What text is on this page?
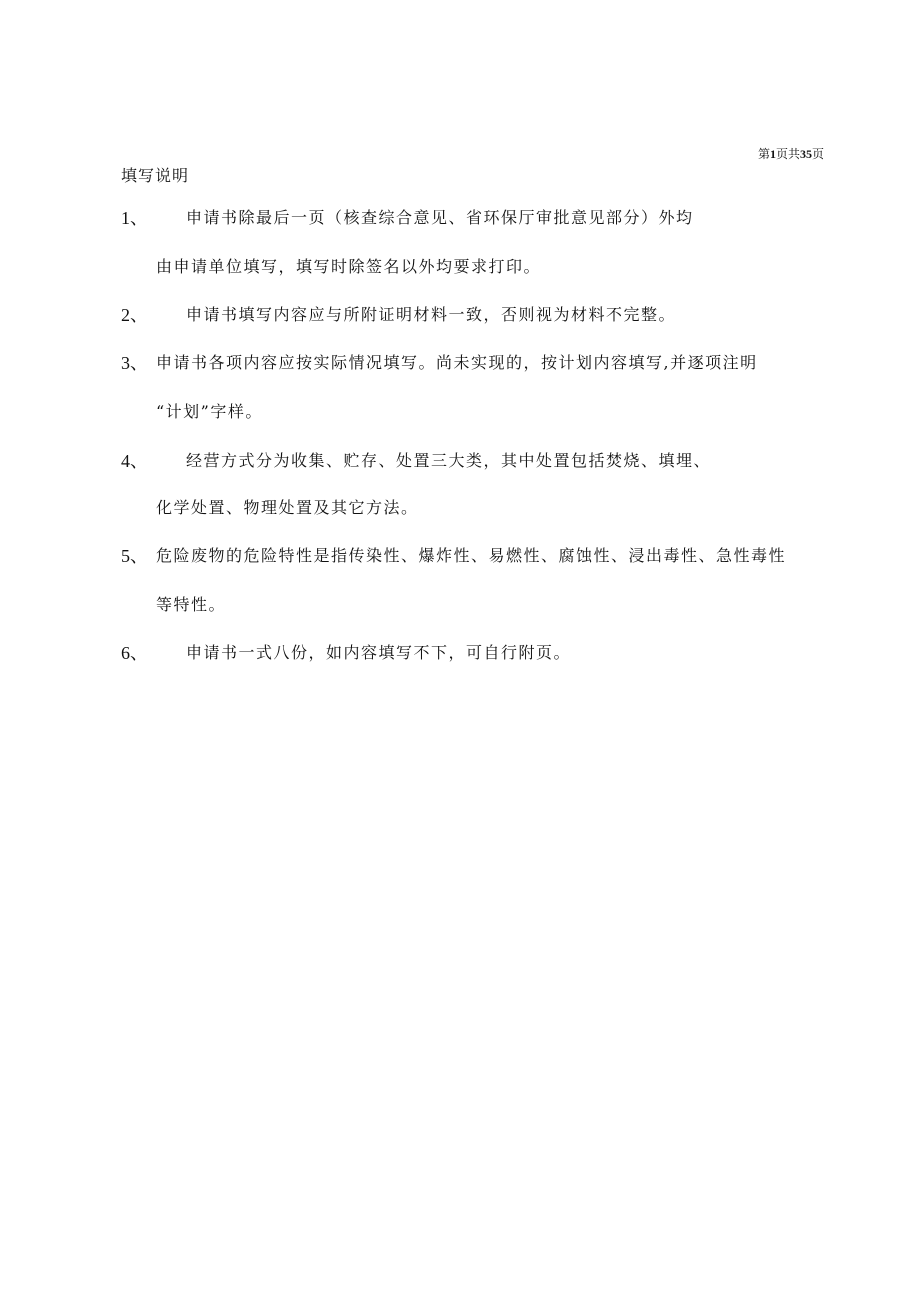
第1页共35页
填写说明
1、 申请书除最后一页（核查综合意见、省环保厅审批意见部分）外均
由申请单位填写，填写时除签名以外均要求打印。
2、 申请书填写内容应与所附证明材料一致，否则视为材料不完整。
3、 申请书各项内容应按实际情况填写。尚未实现的，按计划内容填写,并逐项注明
“计划”字样。
4、 经营方式分为收集、贮存、处置三大类，其中处置包括焚烧、填埋、
化学处置、物理处置及其它方法。
5、 危险废物的危险特性是指传染性、爆炸性、易燃性、腐蚀性、浸出毒性、急性毒性
等特性。
6、 申请书一式八份，如内容填写不下，可自行附页。
